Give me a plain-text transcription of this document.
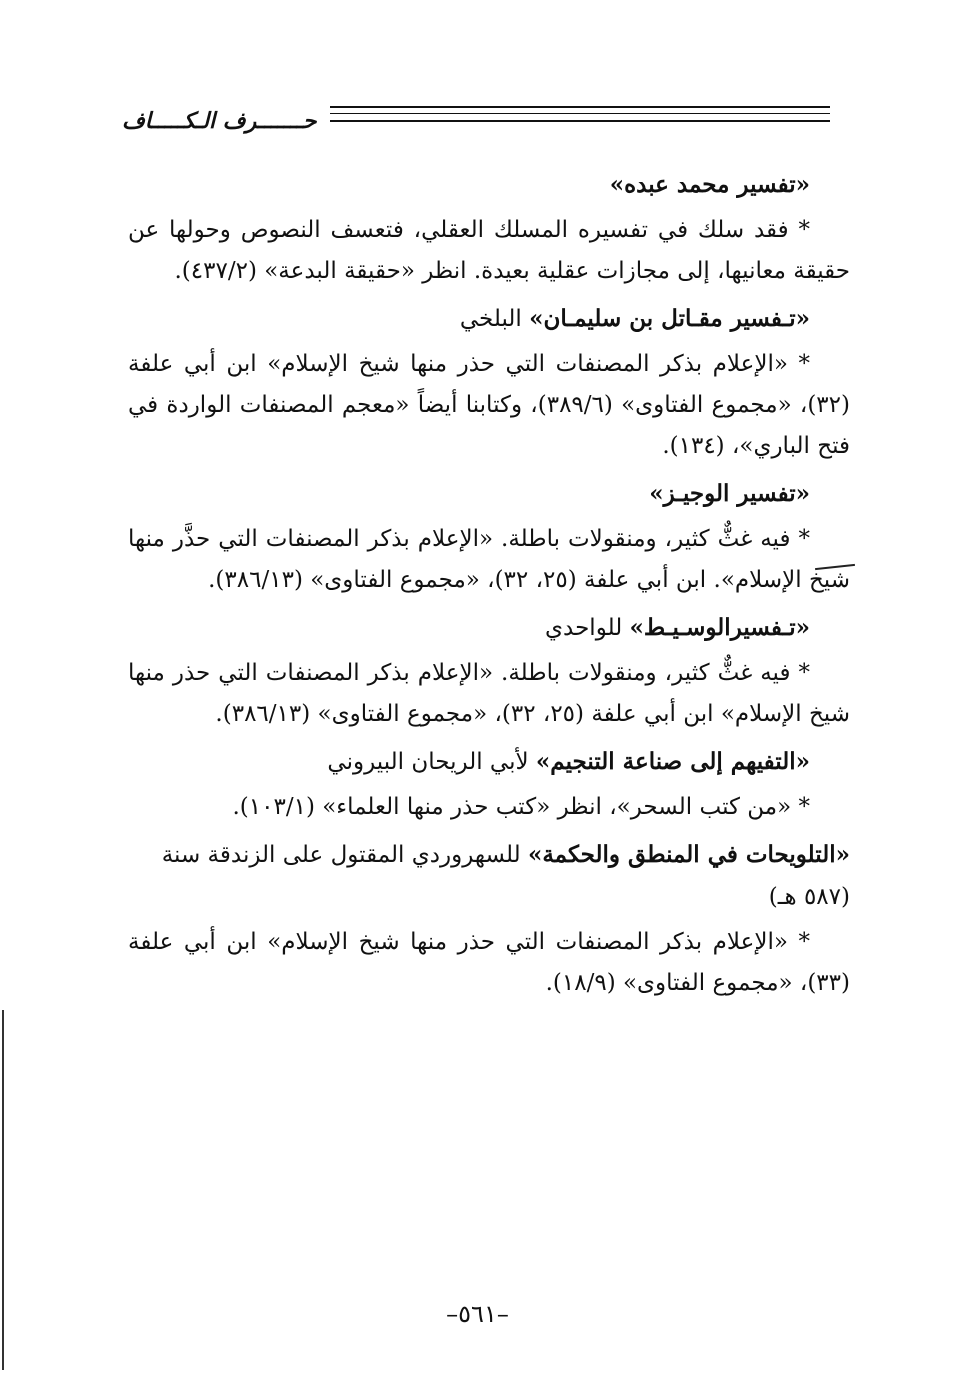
حـــــــرف الـكـــــاف
«تفسير محمد عبده»

* فقد سلك في تفسيره المسلك العقلي، فتعسف النصوص وحولها عن حقيقة معانيها، إلى مجازات عقلية بعيدة. انظر «حقيقة البدعة» (٤٣٧/٢).

«تـفسير مقـاتل بن سليمـان» البلخي

* «الإعلام بذكر المصنفات التي حذر منها شيخ الإسلام» ابن أبي علفة (٣٢)، «مجموع الفتاوى» (٣٨٩/٦)، وكتابنا أيضاً «معجم المصنفات الواردة في فتح الباري»، (١٣٤).

«تفسير الوجيـز»

* فيه غثٌّ كثير، ومنقولات باطلة. «الإعلام بذكر المصنفات التي حذَّر منها شيخ الإسلام». ابن أبي علفة (٢٥، ٣٢)، «مجموع الفتاوى» (٣٨٦/١٣).

«تـفسيرالوسـيـط» للواحدي

* فيه غثٌّ كثير، ومنقولات باطلة. «الإعلام بذكر المصنفات التي حذر منها شيخ الإسلام» ابن أبي علفة (٢٥، ٣٢)، «مجموع الفتاوى» (٣٨٦/١٣).

«التفيهم إلى صناعة التنجيم» لأبي الريحان البيروني

* «من كتب السحر»، انظر «كتب حذر منها العلماء» (١٠٣/١).

«التلويحات في المنطق والحكمة» للسهروردي المقتول على الزندقة سنة (٥٨٧ هـ)

* «الإعلام بذكر المصنفات التي حذر منها شيخ الإسلام» ابن أبي علفة (٣٣)، «مجموع الفتاوى» (١٨/٩).

–٥٦١–
